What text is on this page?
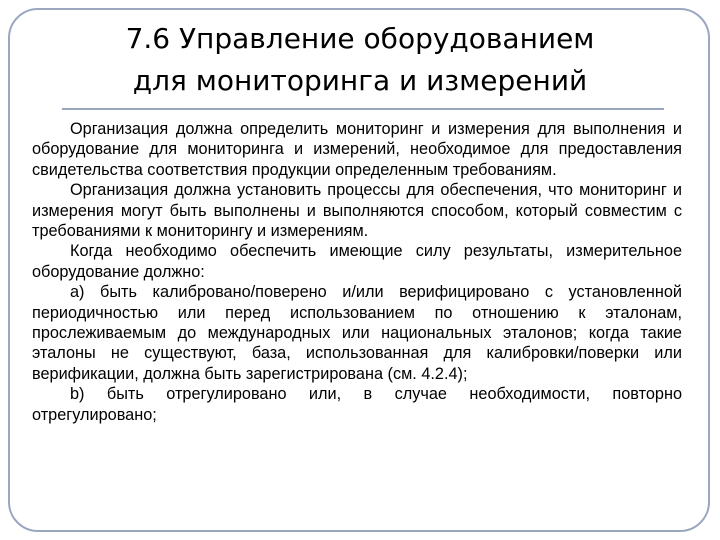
7.6 Управление оборудованием
для мониторинга и измерений

Организация должна определить мониторинг и измерения для выполнения и оборудование для мониторинга и измерений, необходимое для предоставления свидетельства соответствия продукции определенным требованиям.

Организация должна установить процессы для обеспечения, что мониторинг и измерения могут быть выполнены и выполняются способом, который совместим с требованиями к мониторингу и измерениям.

Когда необходимо обеспечить имеющие силу результаты, измерительное оборудование должно:

а) быть калибровано/поверено и/или верифицировано с установленной периодичностью или перед использованием по отношению к эталонам, прослеживаемым до международных или национальных эталонов; когда такие эталоны не существуют, база, использованная для калибровки/поверки или верификации, должна быть зарегистрирована (см. 4.2.4);

b) быть отрегулировано или, в случае необходимости, повторно отрегулировано;
